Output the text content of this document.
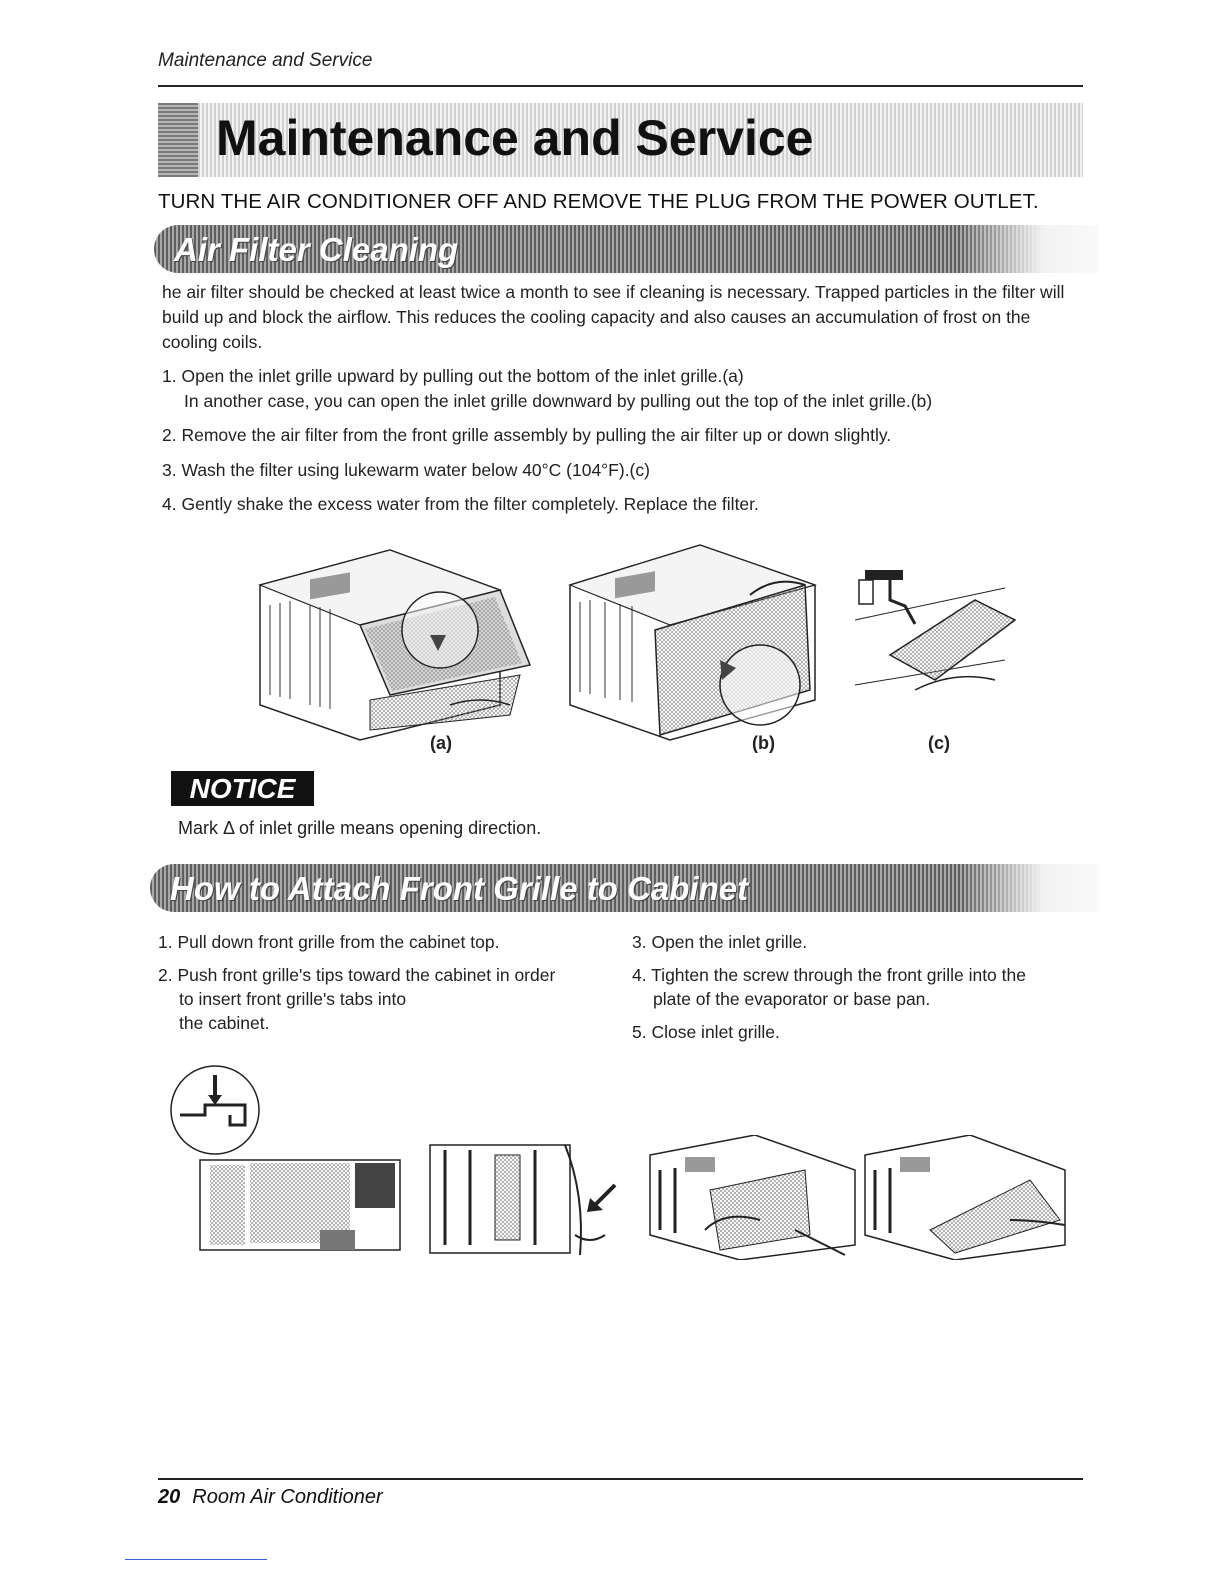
Maintenance and Service
Maintenance and Service
TURN THE AIR CONDITIONER OFF AND REMOVE THE PLUG FROM THE POWER OUTLET.
Air Filter Cleaning
he air filter should be checked at least twice a month to see if cleaning is necessary. Trapped particles in the filter will build up and block the airflow. This reduces the cooling capacity and also causes an accumulation of frost on the cooling coils.
1. Open the inlet grille upward by pulling out the bottom of the inlet grille.(a)
In another case, you can open the inlet grille downward by pulling out the top of the inlet grille.(b)
2. Remove the air filter from the front grille assembly by pulling the air filter up or down slightly.
3. Wash the filter using lukewarm water below 40°C (104°F).(c)
4. Gently shake the excess water from the filter completely. Replace the filter.
(a)	(b)	(c)
NOTICE
Mark Δ of inlet grille means opening direction.
How to Attach Front Grille to Cabinet
1. Pull down front grille from the cabinet top.
2. Push front grille's tips toward the cabinet in order
to insert front grille's tabs into
the cabinet.
3. Open the inlet grille.
4. Tighten the screw through the front grille into the
plate of the evaporator or base pan.
5. Close inlet grille.
20 Room Air Conditioner
